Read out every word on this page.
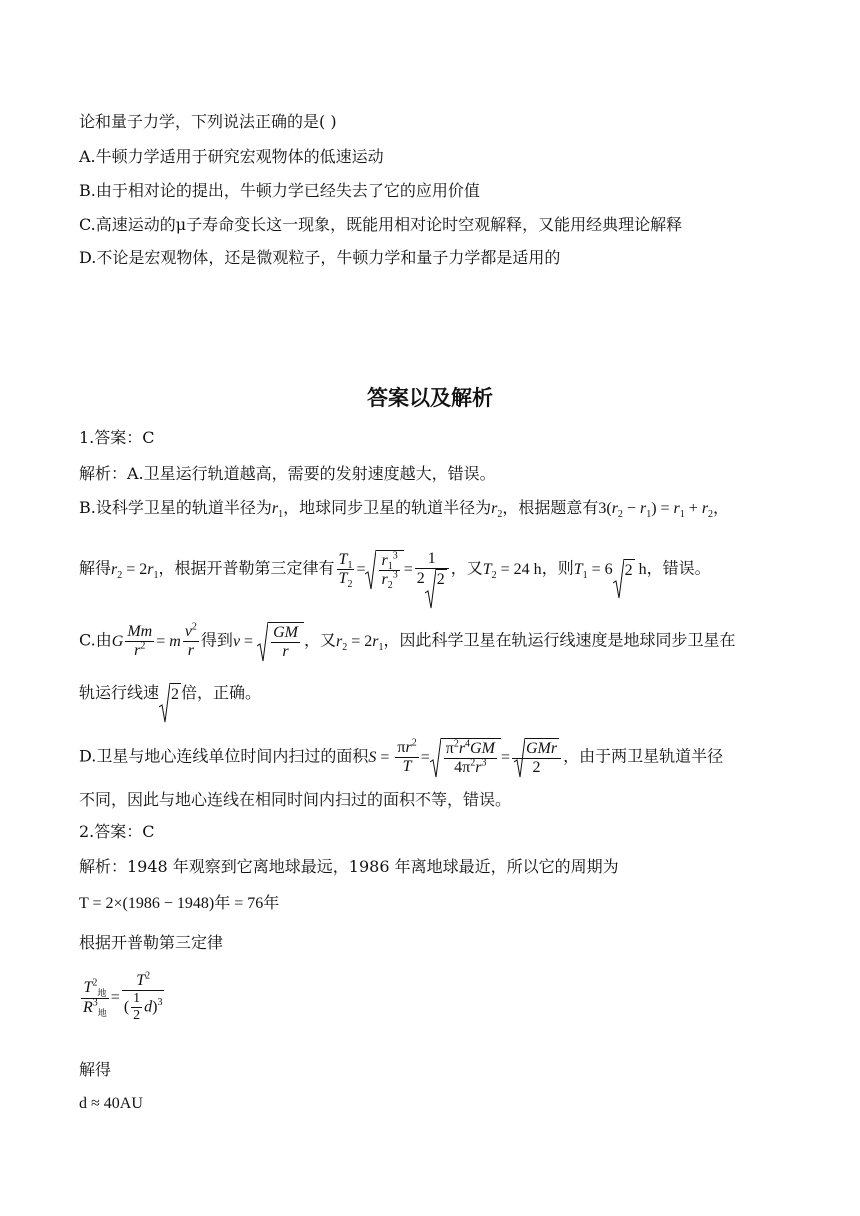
论和量子力学，下列说法正确的是( )
A.牛顿力学适用于研究宏观物体的低速运动
B.由于相对论的提出，牛顿力学已经失去了它的应用价值
C.高速运动的μ子寿命变长这一现象，既能用相对论时空观解释，又能用经典理论解释
D.不论是宏观物体，还是微观粒子，牛顿力学和量子力学都是适用的
答案以及解析
1.答案：C
解析：A.卫星运行轨道越高，需要的发射速度越大，错误。
B.设科学卫星的轨道半径为$r_1$，地球同步卫星的轨道半径为$r_2$，根据题意有$3(r_2 - r_1) = r_1 + r_2$，
解得$r_2 = 2r_1$，根据开普勒第三定律有 $\frac{T_1}{T_2} = \frac{r_1^3}{r_2^3} = \frac{1}{2 2}$ ，又$T_2 = 24$ h，则$T_1 = 6$ 2 h，错误。
C.由G $\frac{Mm}{r^2} = m \frac{v^2}{r}$ 得到$v = \frac{GM}{r}$ ，又$r_2 = 2r_1$，因此科学卫星在轨运行线速度是地球同步卫星在
轨运行线速 2 倍，正确。
D.卫星与地心连线单位时间内扫过的面积$S = \frac{\pi r^2}{T} = \frac{\pi^2r^4GM}{4\pi^2r^3} = \frac{\text{GMr}}{2}$ ，由于两卫星轨道半径
不同，因此与地心连线在相同时间内扫过的面积不等，错误。
2.答案：C
解析：1948 年观察到它离地球最远，1986 年离地球最近，所以它的周期为
T = 2×(1986 − 1948)年 = 76年
根据开普勒第三定律
$\frac{T^2_地}{R^3_地} = \frac{T^2}{( \frac{1}{2} d)^3}$
解得
d ≈ 40AU
